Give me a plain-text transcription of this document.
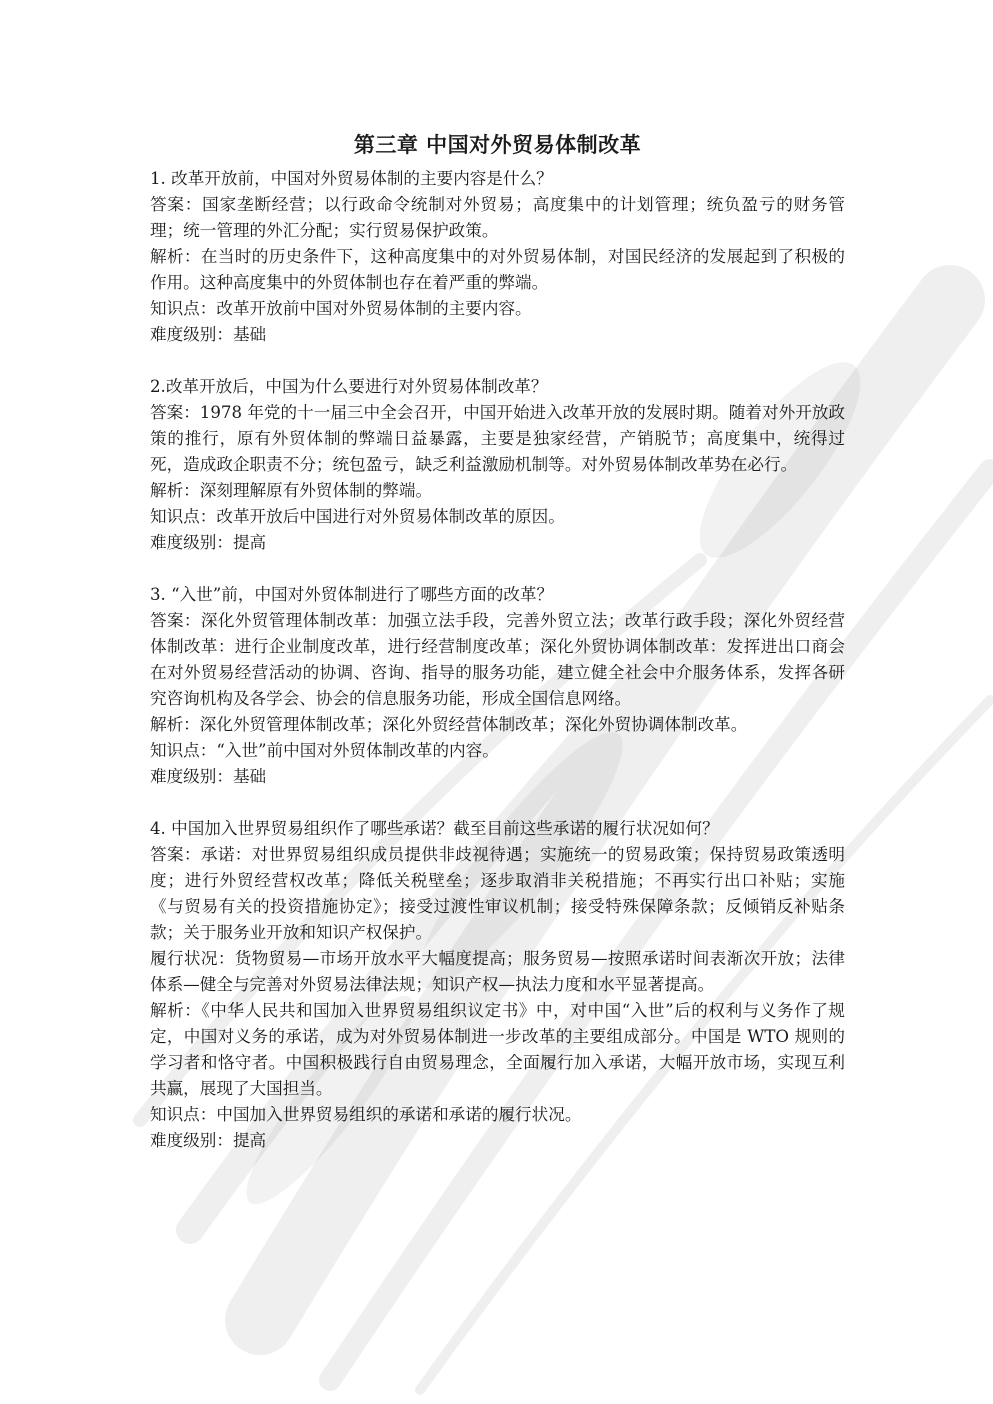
第三章 中国对外贸易体制改革

1. 改革开放前，中国对外贸易体制的主要内容是什么？

答案：国家垄断经营；以行政命令统制对外贸易；高度集中的计划管理；统负盈亏的财务管理；统一管理的外汇分配；实行贸易保护政策。

解析：在当时的历史条件下，这种高度集中的对外贸易体制，对国民经济的发展起到了积极的作用。这种高度集中的外贸体制也存在着严重的弊端。

知识点：改革开放前中国对外贸易体制的主要内容。

难度级别：基础

2.改革开放后，中国为什么要进行对外贸易体制改革？

答案：1978 年党的十一届三中全会召开，中国开始进入改革开放的发展时期。随着对外开放政策的推行，原有外贸体制的弊端日益暴露，主要是独家经营，产销脱节；高度集中，统得过死，造成政企职责不分；统包盈亏，缺乏利益激励机制等。对外贸易体制改革势在必行。

解析：深刻理解原有外贸体制的弊端。

知识点：改革开放后中国进行对外贸易体制改革的原因。

难度级别：提高

3. “入世”前，中国对外贸体制进行了哪些方面的改革？

答案：深化外贸管理体制改革：加强立法手段，完善外贸立法；改革行政手段；深化外贸经营体制改革：进行企业制度改革，进行经营制度改革；深化外贸协调体制改革：发挥进出口商会在对外贸易经营活动的协调、咨询、指导的服务功能，建立健全社会中介服务体系，发挥各研究咨询机构及各学会、协会的信息服务功能，形成全国信息网络。

解析：深化外贸管理体制改革；深化外贸经营体制改革；深化外贸协调体制改革。

知识点：“入世”前中国对外贸体制改革的内容。

难度级别：基础

4. 中国加入世界贸易组织作了哪些承诺？截至目前这些承诺的履行状况如何？

答案：承诺：对世界贸易组织成员提供非歧视待遇；实施统一的贸易政策；保持贸易政策透明度；进行外贸经营权改革；降低关税壁垒；逐步取消非关税措施；不再实行出口补贴；实施《与贸易有关的投资措施协定》；接受过渡性审议机制；接受特殊保障条款；反倾销反补贴条款；关于服务业开放和知识产权保护。

履行状况：货物贸易—市场开放水平大幅度提高；服务贸易—按照承诺时间表渐次开放；法律体系—健全与完善对外贸易法律法规；知识产权—执法力度和水平显著提高。

解析：《中华人民共和国加入世界贸易组织议定书》中，对中国“入世”后的权利与义务作了规定，中国对义务的承诺，成为对外贸易体制进一步改革的主要组成部分。中国是 WTO 规则的学习者和恪守者。中国积极践行自由贸易理念，全面履行加入承诺，大幅开放市场，实现互利共赢，展现了大国担当。

知识点：中国加入世界贸易组织的承诺和承诺的履行状况。

难度级别：提高
